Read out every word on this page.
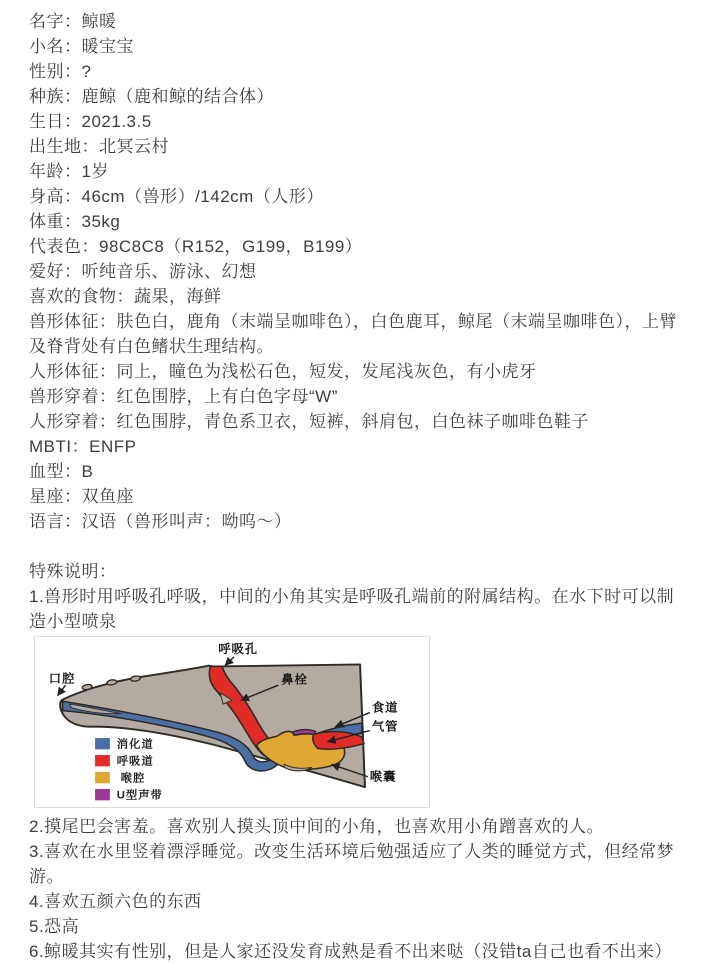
名字：鲸暖

小名：暖宝宝

性别：?

种族：鹿鲸（鹿和鲸的结合体）

生日：2021.3.5

出生地：北冥云村

年龄：1岁

身高：46cm（兽形）/142cm（人形）

体重：35kg

代表色：98C8C8（R152，G199，B199）

爱好：听纯音乐、游泳、幻想

喜欢的食物：蔬果，海鲜

兽形体征：肤色白，鹿角（末端呈咖啡色），白色鹿耳，鲸尾（末端呈咖啡色），上臂及脊背处有白色鳍状生理结构。

人形体征：同上，瞳色为浅松石色，短发，发尾浅灰色，有小虎牙

兽形穿着：红色围脖，上有白色字母“W”

人形穿着：红色围脖，青色系卫衣，短裤，斜肩包，白色袜子咖啡色鞋子

MBTI：ENFP

血型：B

星座：双鱼座

语言：汉语（兽形叫声：呦呜～）

特殊说明：

1.兽形时用呼吸孔呼吸，中间的小角其实是呼吸孔端前的附属结构。在水下时可以制造小型喷泉

口腔
呼吸孔
鼻栓
食道
气管
喉囊
消化道
呼吸道
喉腔
U型声带

2.摸尾巴会害羞。喜欢别人摸头顶中间的小角，也喜欢用小角蹭喜欢的人。

3.喜欢在水里竖着漂浮睡觉。改变生活环境后勉强适应了人类的睡觉方式，但经常梦游。

4.喜欢五颜六色的东西

5.恐高

6.鲸暖其实有性别，但是人家还没发育成熟是看不出来哒（没错ta自己也看不出来）
